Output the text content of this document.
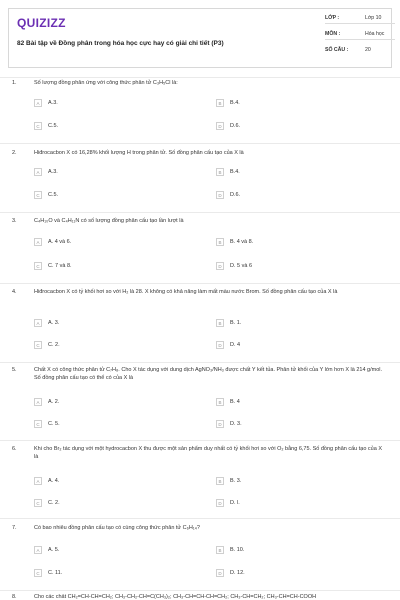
QUIZIZZ
82 Bài tập về Đồng phân trong hóa học cực hay có giải chi tiết (P3)
LỚP :	Lớp 10
MÔN :	Hóa học
SỐ CÂU :	20
1.	Số lượng đồng phân ứng với công thức phân tử C₃H₅Cl là:
A	A.3.	B	B.4.
C	C.5.	D	D.6.
2.	Hiđrocacbon X có 16,28% khối lượng H trong phân tử. Số đồng phân cấu tạo của X là
A	A.3.	B	B.4.
C	C.5.	D	D.6.
3.	C₄H₁₀O và C₄H₁₁N có số lượng đồng phân cấu tạo lần lượt là
A	A. 4 và 6.	B	B. 4 và 8.
C	C. 7 và 8.	D	D. 5 và 6
4.	Hiđrocacbon X có tỷ khối hơi so với H₂ là 28. X không có khả năng làm mất màu nước Brom. Số đồng phân cấu tạo của X là
A	A. 3.	B	B. 1.
C	C. 2.	D	D. 4
5.	Chất X có công thức phân tử C₇H₈. Cho X tác dụng với dung dịch AgNO₃/NH₃ được chất Y kết tủa. Phân tử khối của Y lớn hơn X là 214 g/mol. Số đồng phân cấu tạo có thể có của X là
A	A. 2.	B	B. 4
C	C. 5.	D	D. 3.
6.	Khi cho Br₂ tác dụng với một hydrocacbon X thu được một sản phẩm duy nhất có tỷ khối hơi so với O₂ bằng 6,75. Số đồng phân cấu tạo của X là
A	A. 4.	B	B. 3.
C	C. 2.	D	D. l.
7.	Có bao nhiêu đồng phân cấu tạo có cùng công thức phân tử C₆H₁₄?
A	A. 5.	B	B. 10.
C	C. 11.	D	D. 12.
8.	Cho các chất CH₂=CH-CH=CH₂; CH₃-CH₂-CH=C(CH₃)₂; CH₃-CH=CH-CH=CH₂; CH₃-CH=CH₂; CH₃-CH=CH-COOH
